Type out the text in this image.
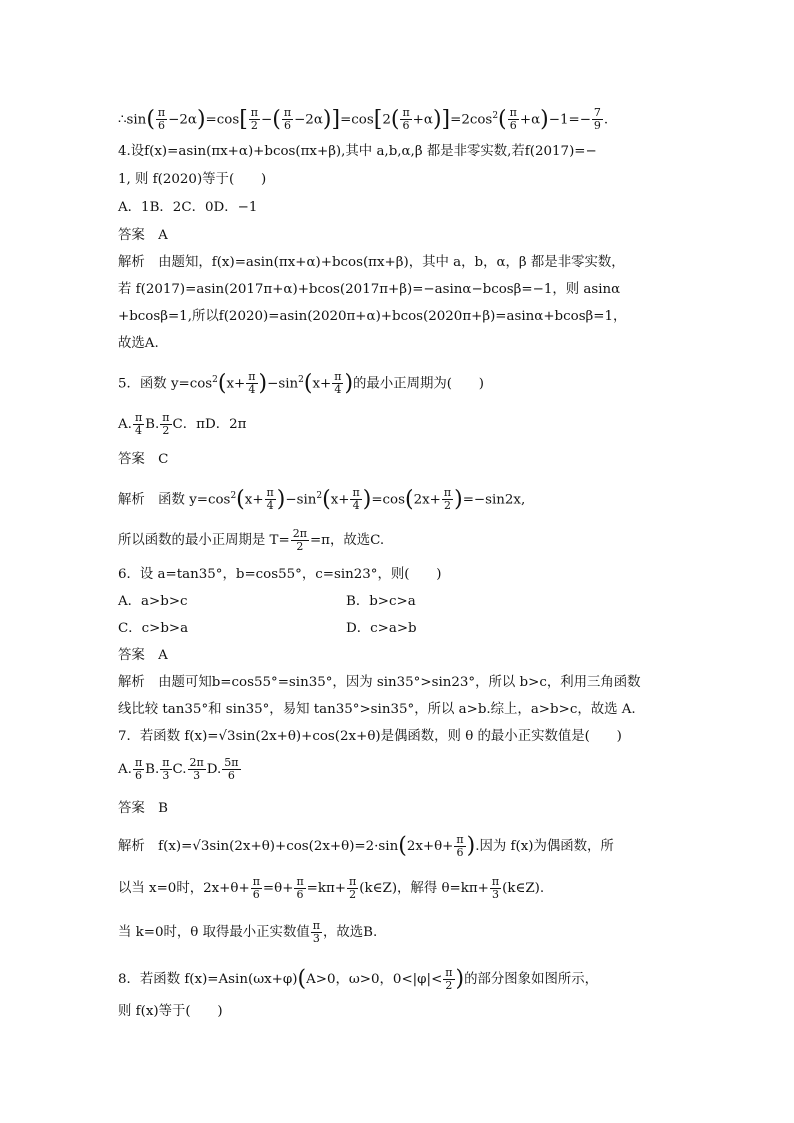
∴sin( $\frac{\pi}{6} -2\alpha)=\cos[ \frac{\pi}{2}$ −( $\frac{\pi}{6} -2\alpha)]=\cos[2( \frac{\pi}{6} +\alpha)]=2\cos^2( \frac{\pi}{6} +\alpha)-1=- \frac{7}{9}$ .
4.设f(x)=asin(πx+α)+bcos(πx+β),其中 a,b,α,β 都是非零实数,若f(2017)=−
1, 则 f(2020)等于(　　)
A．1B．2C．0D．−1
答案　A
解析　由题知，f(x)=asin(πx+α)+bcos(πx+β)，其中 a，b，α，β 都是非零实数，
若 f(2017)=asin(2017π+α)+bcos(2017π+β)=−asinα−bcosβ=−1，则 asinα
+bcosβ=1,所以f(2020)=asin(2020π+α)+bcos(2020π+β)=asinα+bcosβ=1，
故选A.
5．函数 $y=\cos^2(x+ \frac{\pi}{4} )-\sin^2(x+ \frac{\pi}{4}$ )的最小正周期为(　　)
A. $\frac{\pi}{4} B$. $\frac{\pi}{2}$ C．πD．2π
答案　C
解析　函数 $y=\cos^2(x+ \frac{\pi}{4} )-\sin^2(x+ \frac{\pi}{4} )=\cos(2x+ \frac{\pi}{2} )=-\sin 2x$,
所以函数的最小正周期是 $T= \frac{2\pi}{2} =\pi$，故选C.
6．设 a=tan35°，b=cos55°，c=sin23°，则(　　)
A．a>b>c	B．b>c>a
C．c>b>a	D．c>a>b
答案　A
解析　由题可知b=cos55°=sin35°，因为 sin35°>sin23°，所以 b>c，利用三角函数
线比较 tan35°和 sin35°，易知 tan35°>sin35°，所以 a>b.综上，a>b>c，故选 A.
7．若函数 f(x)=√3sin(2x+θ)+cos(2x+θ)是偶函数，则 θ 的最小正实数值是(　　)
A. $\frac{\pi}{6} B$. $\frac{\pi}{3} C$. $\frac{2\pi}{3} D$. $\frac{5\pi}{6}$
答案　B
解析　$f(x)=√3\sin(2x+\theta)+\cos(2x+\theta)=2\cdot\sin(2x+\theta+ \frac{\pi}{6}$ ).因为 f(x)为偶函数，所
以当 x=0时，$2x+\theta+ \frac{\pi}{6} =\theta+ \frac{\pi}{6} =k\pi+ \frac{\pi}{2}$ (k∈Z)，解得 $\theta=k\pi+ \frac{\pi}{3}$ (k∈Z).
当 k=0时，θ 取得最小正实数值 $\frac{\pi}{3}$ ，故选B.
8．若函数 f(x)=Asin(ωx+φ)(A>0，ω>0，$0<|\varphi|< \frac{\pi}{2}$ )的部分图象如图所示，
则 f(x)等于(　　)
